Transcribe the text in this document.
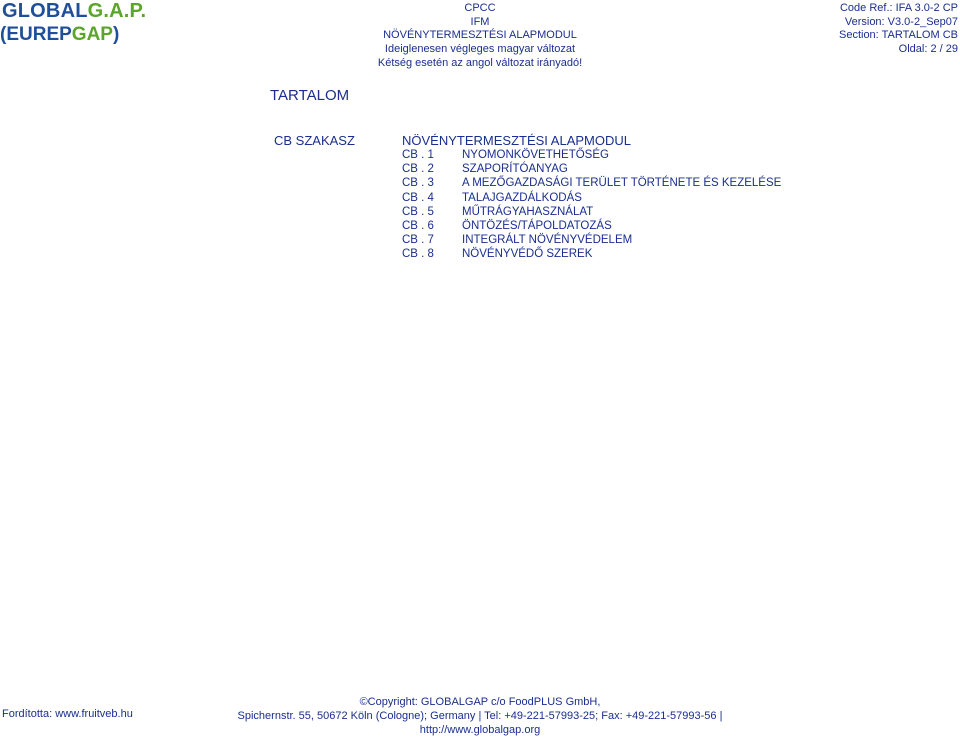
GLOBALG.A.P.
(EUREPGAP)
CPCC
IFM
NÖVÉNYTERMESZTÉSI ALAPMODUL
Ideiglenesen végleges magyar változat
Kétség esetén az angol változat irányadó!
Code Ref.: IFA 3.0-2 CP
Version: V3.0-2_Sep07
Section: TARTALOM CB
Oldal: 2 / 29
TARTALOM
CB SZAKASZ	NÖVÉNYTERMESZTÉSI ALAPMODUL
CB . 1 NYOMONKÖVETHETŐSÉG
CB . 2 SZAPORÍTÓANYAG
CB . 3 A MEZŐGAZDASÁGI TERÜLET TÖRTÉNETE ÉS KEZELÉSE
CB . 4 TALAJGAZDÁLKODÁS
CB . 5 MŰTRÁGYAHASZNÁLAT
CB . 6 ÖNTÖZÉS/TÁPOLDATOZÁS
CB . 7 INTEGRÁLT NÖVÉNYVÉDELEM
CB . 8 NÖVÉNYVÉDŐ SZEREK
Fordította: www.fruitveb.hu
©Copyright: GLOBALGAP c/o FoodPLUS GmbH,
Spichernstr. 55, 50672 Köln (Cologne); Germany | Tel: +49-221-57993-25; Fax: +49-221-57993-56 | http://www.globalgap.org
